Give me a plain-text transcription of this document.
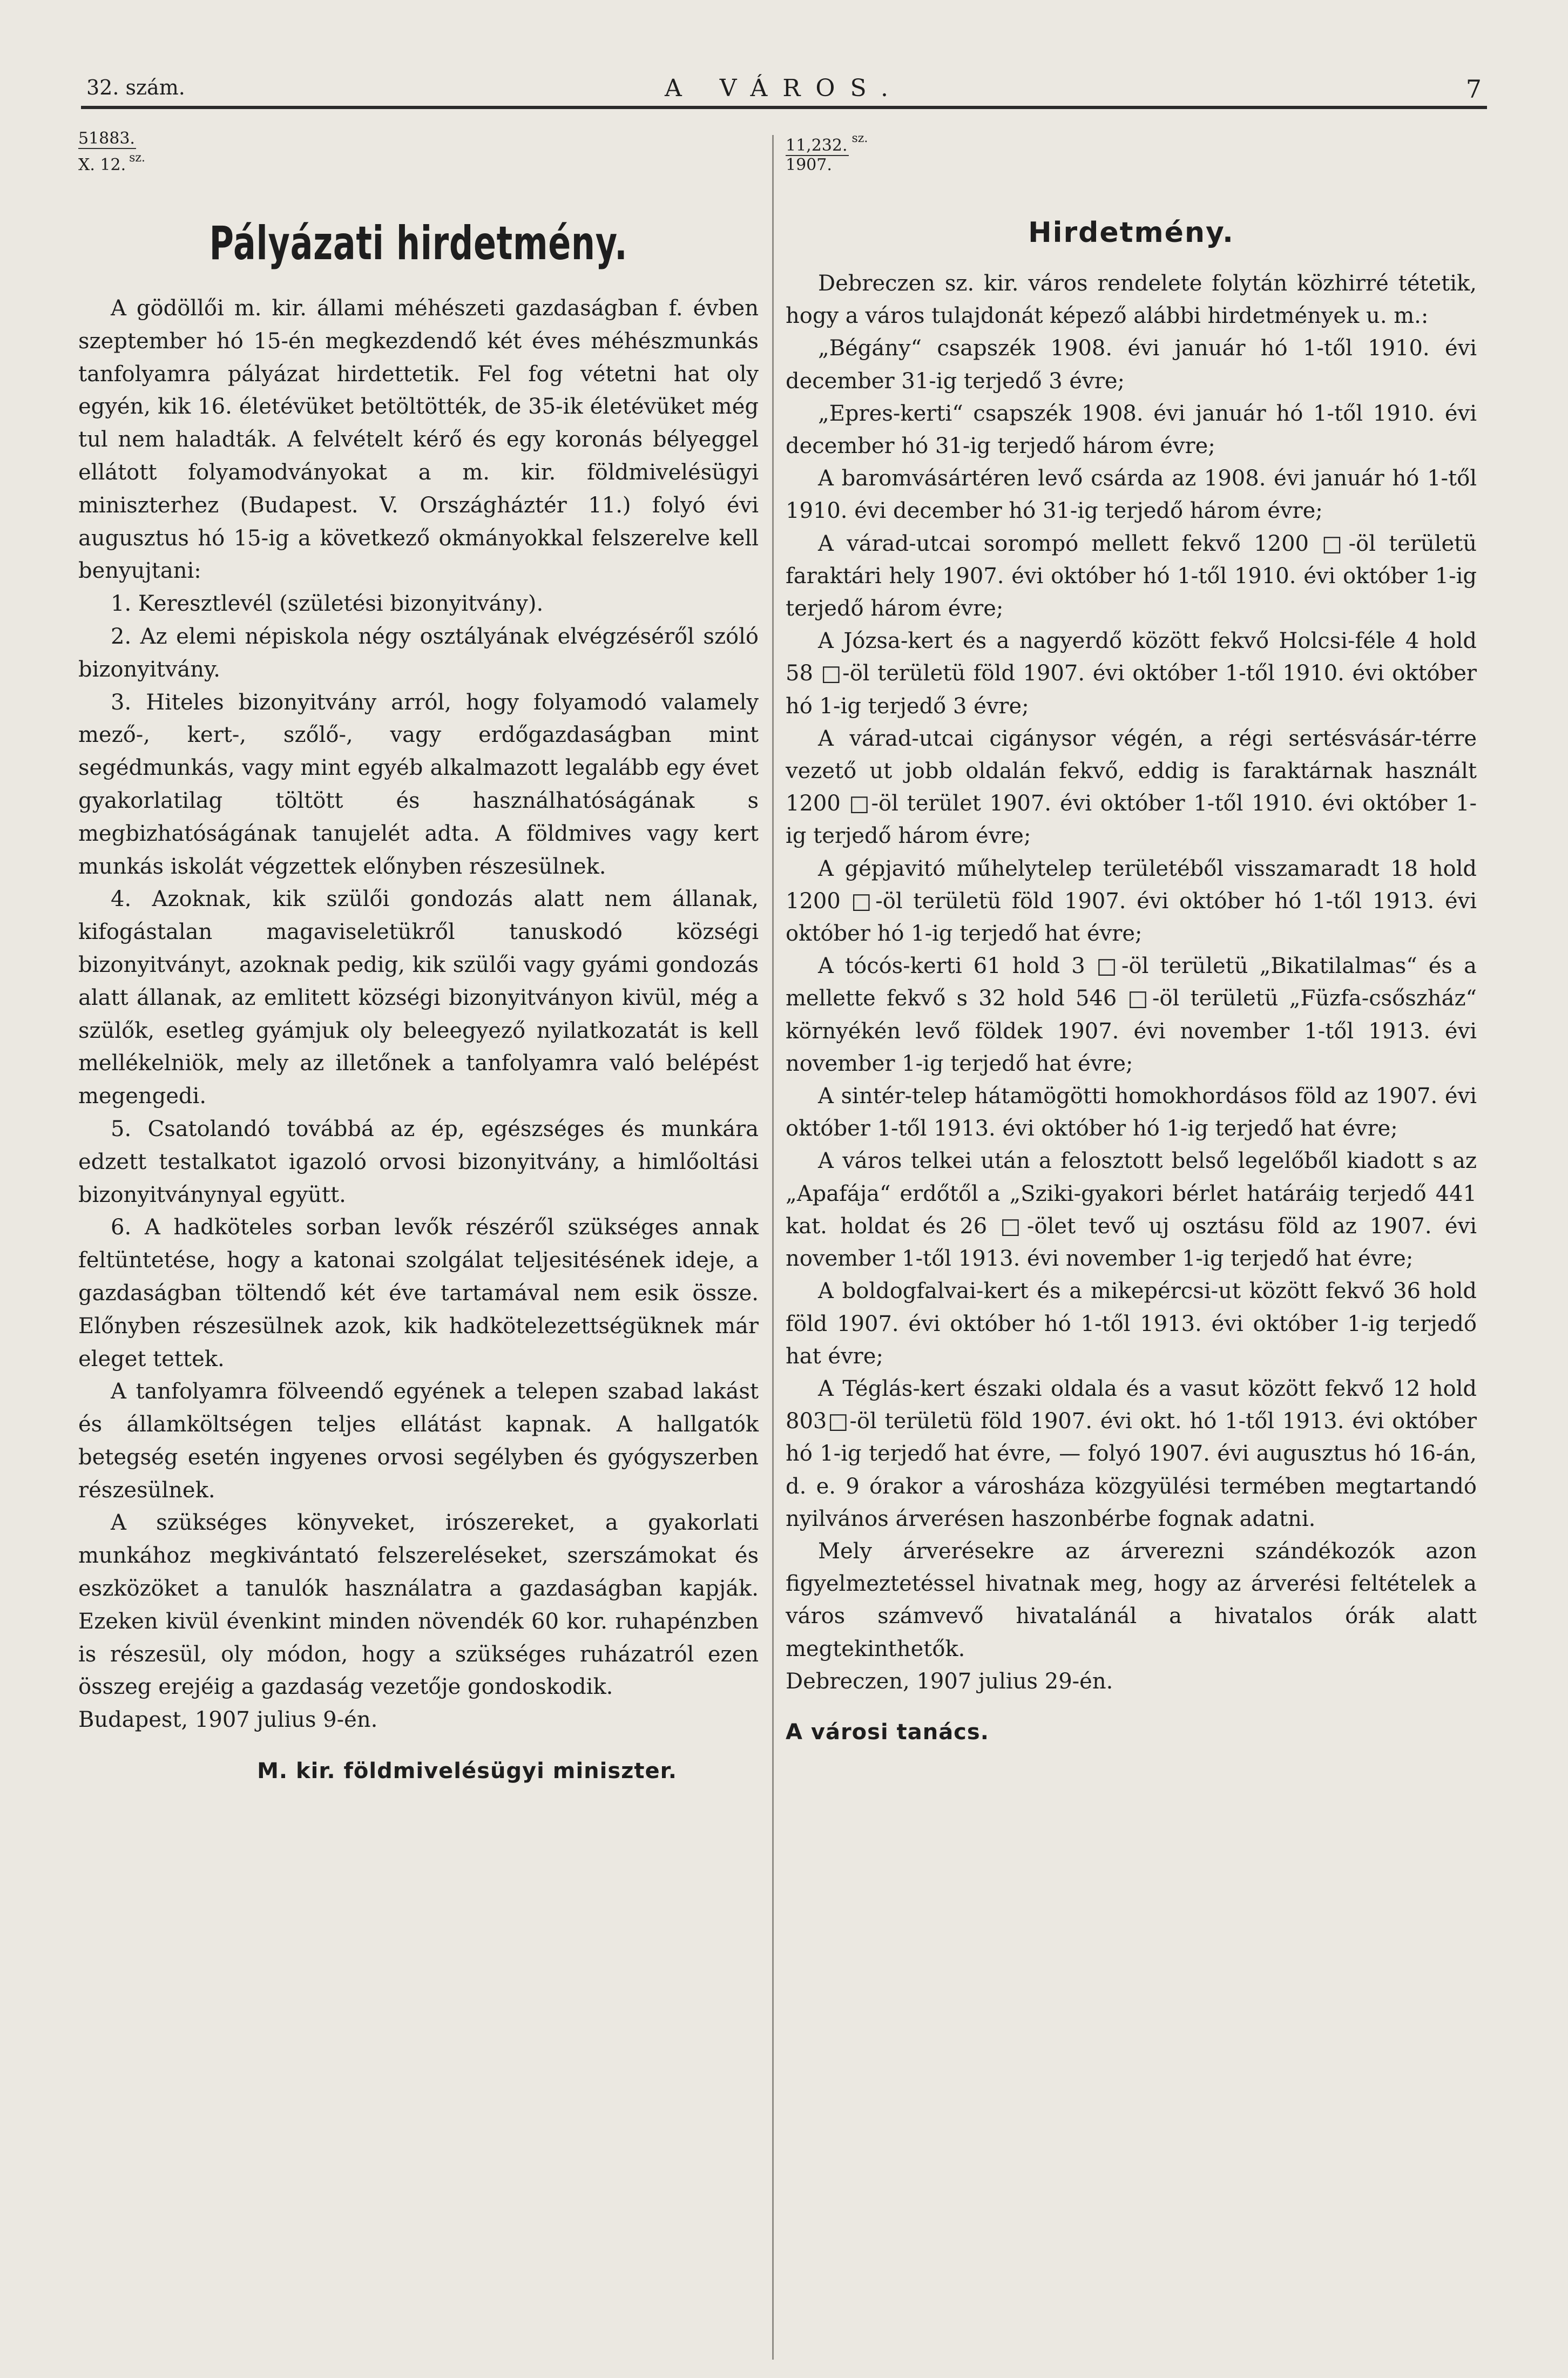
32. szám.	A VÁROS.	7
51883.
X. 12. $^{sz.}$
Pályázati hirdetmény.

A gödöllői m. kir. állami méhészeti gazdaságban f. évben szeptember hó 15-én megkezdendő két éves méhészmunkás tanfolyamra pályázat hirdettetik. Fel fog vétetni hat oly egyén, kik 16. életévüket betöltötték, de 35-ik életévüket még tul nem haladták. A felvételt kérő és egy koronás bélyeggel ellátott folyamodványokat a m. kir. földmivelésügyi miniszterhez (Budapest. V. Országháztér 11.) folyó évi augusztus hó 15-ig a következő okmányokkal felszerelve kell benyujtani:

1. Keresztlevél (születési bizonyitvány).

2. Az elemi népiskola négy osztályának elvégzéséről szóló bizonyitvány.

3. Hiteles bizonyitvány arról, hogy folyamodó valamely mező-, kert-, szőlő-, vagy erdőgazdaságban mint segédmunkás, vagy mint egyéb alkalmazott legalább egy évet gyakorlatilag töltött és használhatóságának s megbizhatóságának tanujelét adta. A földmives vagy kert munkás iskolát végzettek előnyben részesülnek.

4. Azoknak, kik szülői gondozás alatt nem állanak, kifogástalan magaviseletükről tanuskodó községi bizonyitványt, azoknak pedig, kik szülői vagy gyámi gondozás alatt állanak, az emlitett községi bizonyitványon kivül, még a szülők, esetleg gyámjuk oly beleegyező nyilatkozatát is kell mellékelniök, mely az illetőnek a tanfolyamra való belépést megengedi.

5. Csatolandó továbbá az ép, egészséges és munkára edzett testalkatot igazoló orvosi bizonyitvány, a himlőoltási bizonyitványnyal együtt.

6. A hadköteles sorban levők részéről szükséges annak feltüntetése, hogy a katonai szolgálat teljesitésének ideje, a gazdaságban töltendő két éve tartamával nem esik össze. Előnyben részesülnek azok, kik hadkötelezettségüknek már eleget tettek.

A tanfolyamra fölveendő egyének a telepen szabad lakást és államköltségen teljes ellátást kapnak. A hallgatók betegség esetén ingyenes orvosi segélyben és gyógyszerben részesülnek.

A szükséges könyveket, irószereket, a gyakorlati munkához megkivántató felszereléseket, szerszámokat és eszközöket a tanulók használatra a gazdaságban kapják. Ezeken kivül évenkint minden növendék 60 kor. ruhapénzben is részesül, oly módon, hogy a szükséges ruházatról ezen összeg erejéig a gazdaság vezetője gondoskodik.

Budapest, 1907 julius 9-én.

M. kir. földmivelésügyi miniszter.

11,232. $^{sz.}$
1907.
Hirdetmény.

Debreczen sz. kir. város rendelete folytán közhirré tétetik, hogy a város tulajdonát képező alábbi hirdetmények u. m.:

„Bégány“ csapszék 1908. évi január hó 1-től 1910. évi december 31-ig terjedő 3 évre;

„Epres-kerti“ csapszék 1908. évi január hó 1-től 1910. évi december hó 31-ig terjedő három évre;

A baromvásártéren levő csárda az 1908. évi január hó 1-től 1910. évi december hó 31-ig terjedő három évre;

A várad-utcai sorompó mellett fekvő 1200 □-öl területü faraktári hely 1907. évi október hó 1-től 1910. évi október 1-ig terjedő három évre;

A Józsa-kert és a nagyerdő között fekvő Holcsi-féle 4 hold 58 □-öl területü föld 1907. évi október 1-től 1910. évi október hó 1-ig terjedő 3 évre;

A várad-utcai cigánysor végén, a régi sertésvásár-térre vezető ut jobb oldalán fekvő, eddig is faraktárnak használt 1200 □-öl terület 1907. évi október 1-től 1910. évi október 1-ig terjedő három évre;

A gépjavitó műhelytelep területéből visszamaradt 18 hold 1200 □-öl területü föld 1907. évi október hó 1-től 1913. évi október hó 1-ig terjedő hat évre;

A tócós-kerti 61 hold 3 □-öl területü „Bikatilalmas“ és a mellette fekvő s 32 hold 546 □-öl területü „Füzfa-csőszház“ környékén levő földek 1907. évi november 1-től 1913. évi november 1-ig terjedő hat évre;

A sintér-telep hátamögötti homokhordásos föld az 1907. évi október 1-től 1913. évi október hó 1-ig terjedő hat évre;

A város telkei után a felosztott belső legelőből kiadott s az „Apafája“ erdőtől a „Sziki-gyakori bérlet határáig terjedő 441 kat. holdat és 26 □-ölet tevő uj osztásu föld az 1907. évi november 1-től 1913. évi november 1-ig terjedő hat évre;

A boldogfalvai-kert és a mikepércsi-ut között fekvő 36 hold föld 1907. évi október hó 1-től 1913. évi október 1-ig terjedő hat évre;

A Téglás-kert északi oldala és a vasut között fekvő 12 hold 803□-öl területü föld 1907. évi okt. hó 1-től 1913. évi október hó 1-ig terjedő hat évre, — folyó 1907. évi augusztus hó 16-án, d. e. 9 órakor a városháza közgyülési termében megtartandó nyilvános árverésen haszonbérbe fognak adatni.

Mely árverésekre az árverezni szándékozók azon figyelmeztetéssel hivatnak meg, hogy az árverési feltételek a város számvevő hivatalánál a hivatalos órák alatt megtekinthetők.

Debreczen, 1907 julius 29-én.

A városi tanács.
